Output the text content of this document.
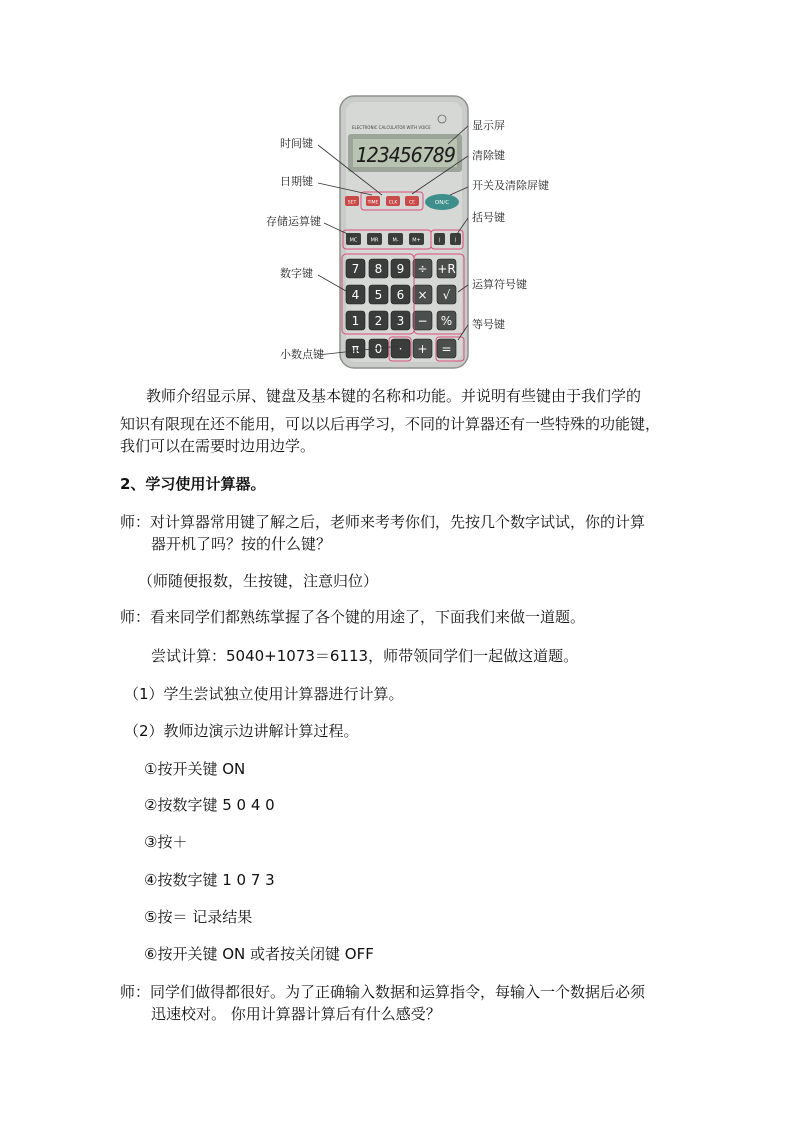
ELECTRONIC CALCULATOR WITH VOICE
123456789
SET	TIME CLK	CE	ON/C
MC	MR	M-	M+	(	)
7 8 9 ÷ +R
4 5 6 × √
1 2 3 − %
π 0 · + =
时间键
日期键
存储运算键
数字键
小数点键
显示屏
清除键
开关及清除屏键
括号键
运算符号键
等号键
教师介绍显示屏、键盘及基本键的名称和功能。并说明有些键由于我们学的
知识有限现在还不能用，可以以后再学习，不同的计算器还有一些特殊的功能键，
我们可以在需要时边用边学。
2、学习使用计算器。
师：对计算器常用键了解之后，老师来考考你们，先按几个数字试试，你的计算
器开机了吗？按的什么键？
（师随便报数，生按键，注意归位）
师：看来同学们都熟练掌握了各个键的用途了，下面我们来做一道题。
尝试计算：5040+1073＝6113，师带领同学们一起做这道题。
（1）学生尝试独立使用计算器进行计算。
（2）教师边演示边讲解计算过程。
①按开关键 ON
②按数字键 5 0 4 0
③按＋
④按数字键 1 0 7 3
⑤按＝ 记录结果
⑥按开关键 ON 或者按关闭键 OFF
师：同学们做得都很好。为了正确输入数据和运算指令，每输入一个数据后必须
迅速校对。 你用计算器计算后有什么感受？
